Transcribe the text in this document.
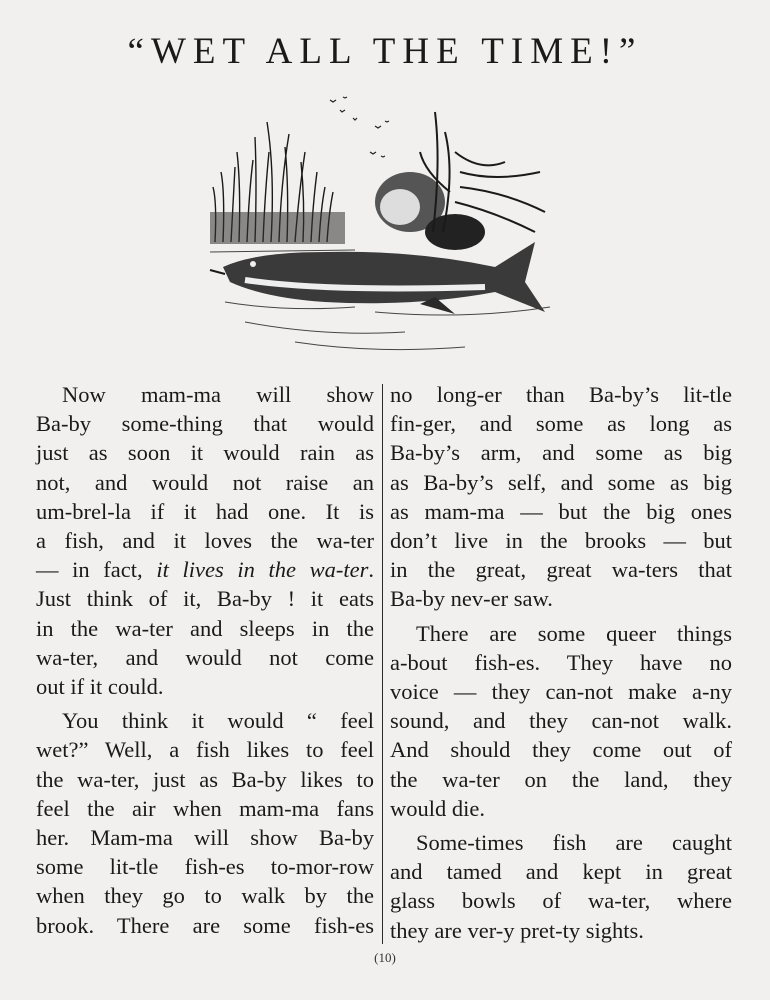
“WET ALL THE TIME!”
Now mam-ma will show
Ba-by some-thing that would
just as soon it would rain as
not, and would not raise an
um-brel-la if it had one. It is
a fish, and it loves the wa-ter
— in fact, it lives in the wa-ter.
Just think of it, Ba-by ! it eats
in the wa-ter and sleeps in the
wa-ter, and would not come
out if it could.
You think it would “ feel
wet?” Well, a fish likes to feel
the wa-ter, just as Ba-by likes to
feel the air when mam-ma fans
her. Mam-ma will show Ba-by
some lit-tle fish-es to-mor-row
when they go to walk by the
brook. There are some fish-es
no long-er than Ba-by’s lit-tle
fin-ger, and some as long as
Ba-by’s arm, and some as big
as Ba-by’s self, and some as big
as mam-ma — but the big ones
don’t live in the brooks — but
in the great, great wa-ters that
Ba-by nev-er saw.
There are some queer things
a-bout fish-es. They have no
voice — they can-not make a-ny
sound, and they can-not walk.
And should they come out of
the wa-ter on the land, they
would die.
Some-times fish are caught
and tamed and kept in great
glass bowls of wa-ter, where
they are ver-y pret-ty sights.
(10)
